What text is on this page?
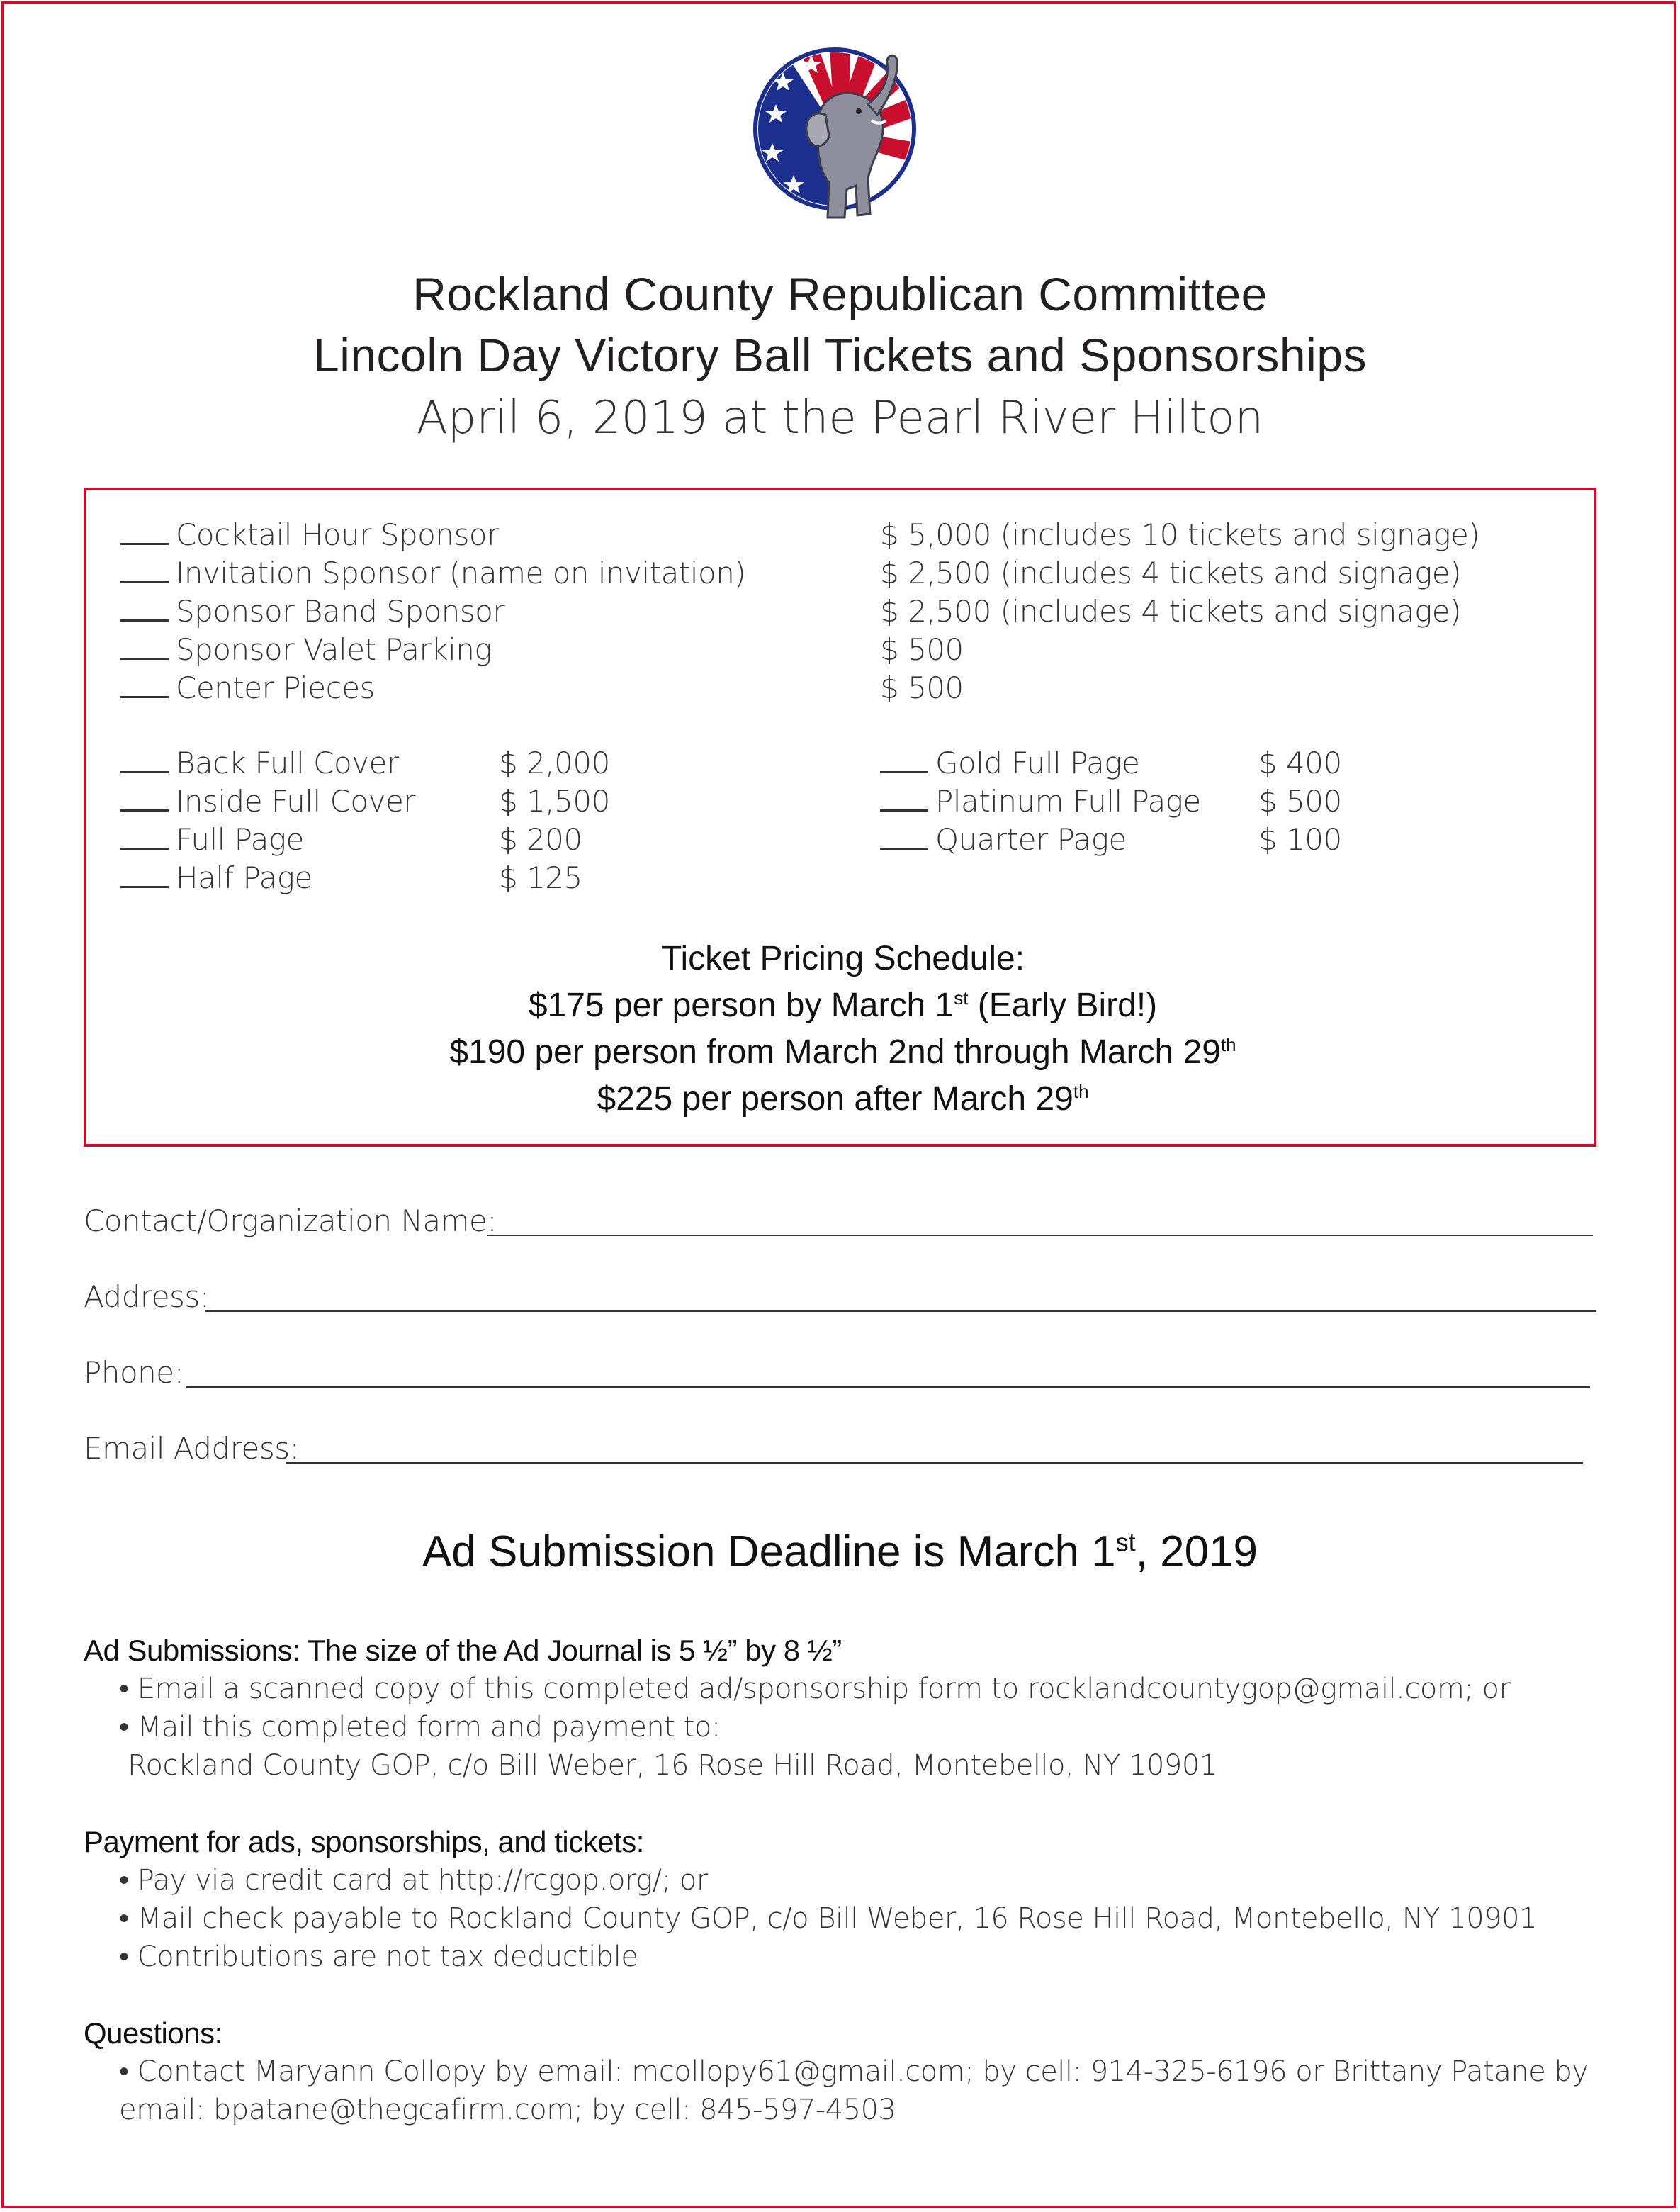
Rockland County Republican Committee
Lincoln Day Victory Ball Tickets and Sponsorships
April 6, 2019 at the Pearl River Hilton
Cocktail Hour Sponsor	$ 5,000 (includes 10 tickets and signage)
Invitation Sponsor (name on invitation)	$ 2,500 (includes 4 tickets and signage)
Sponsor Band Sponsor	$ 2,500 (includes 4 tickets and signage)
Sponsor Valet Parking	$ 500
Center Pieces	$ 500
Back Full Cover	$ 2,000
Inside Full Cover	$ 1,500
Full Page	$ 200
Half Page	$ 125
Gold Full Page	$ 400
Platinum Full Page $ 500
Quarter Page	$ 100
Ticket Pricing Schedule:
$175 per person by March 1st (Early Bird!)
$190 per person from March 2nd through March 29th
$225 per person after March 29th
Contact/Organization Name:
Address:
Phone:
Email Address:
Ad Submission Deadline is March 1st, 2019
Ad Submissions: The size of the Ad Journal is 5 ½” by 8 ½”
• Email a scanned copy of this completed ad/sponsorship form to rocklandcountygop@gmail.com; or
• Mail this completed form and payment to:
Rockland County GOP, c/o Bill Weber, 16 Rose Hill Road, Montebello, NY 10901
Payment for ads, sponsorships, and tickets:
• Pay via credit card at http://rcgop.org/; or
• Mail check payable to Rockland County GOP, c/o Bill Weber, 16 Rose Hill Road, Montebello, NY 10901
• Contributions are not tax deductible
Questions:
• Contact Maryann Collopy by email: mcollopy61@gmail.com; by cell: 914-325-6196 or Brittany Patane by
email: bpatane@thegcafirm.com; by cell: 845-597-4503
